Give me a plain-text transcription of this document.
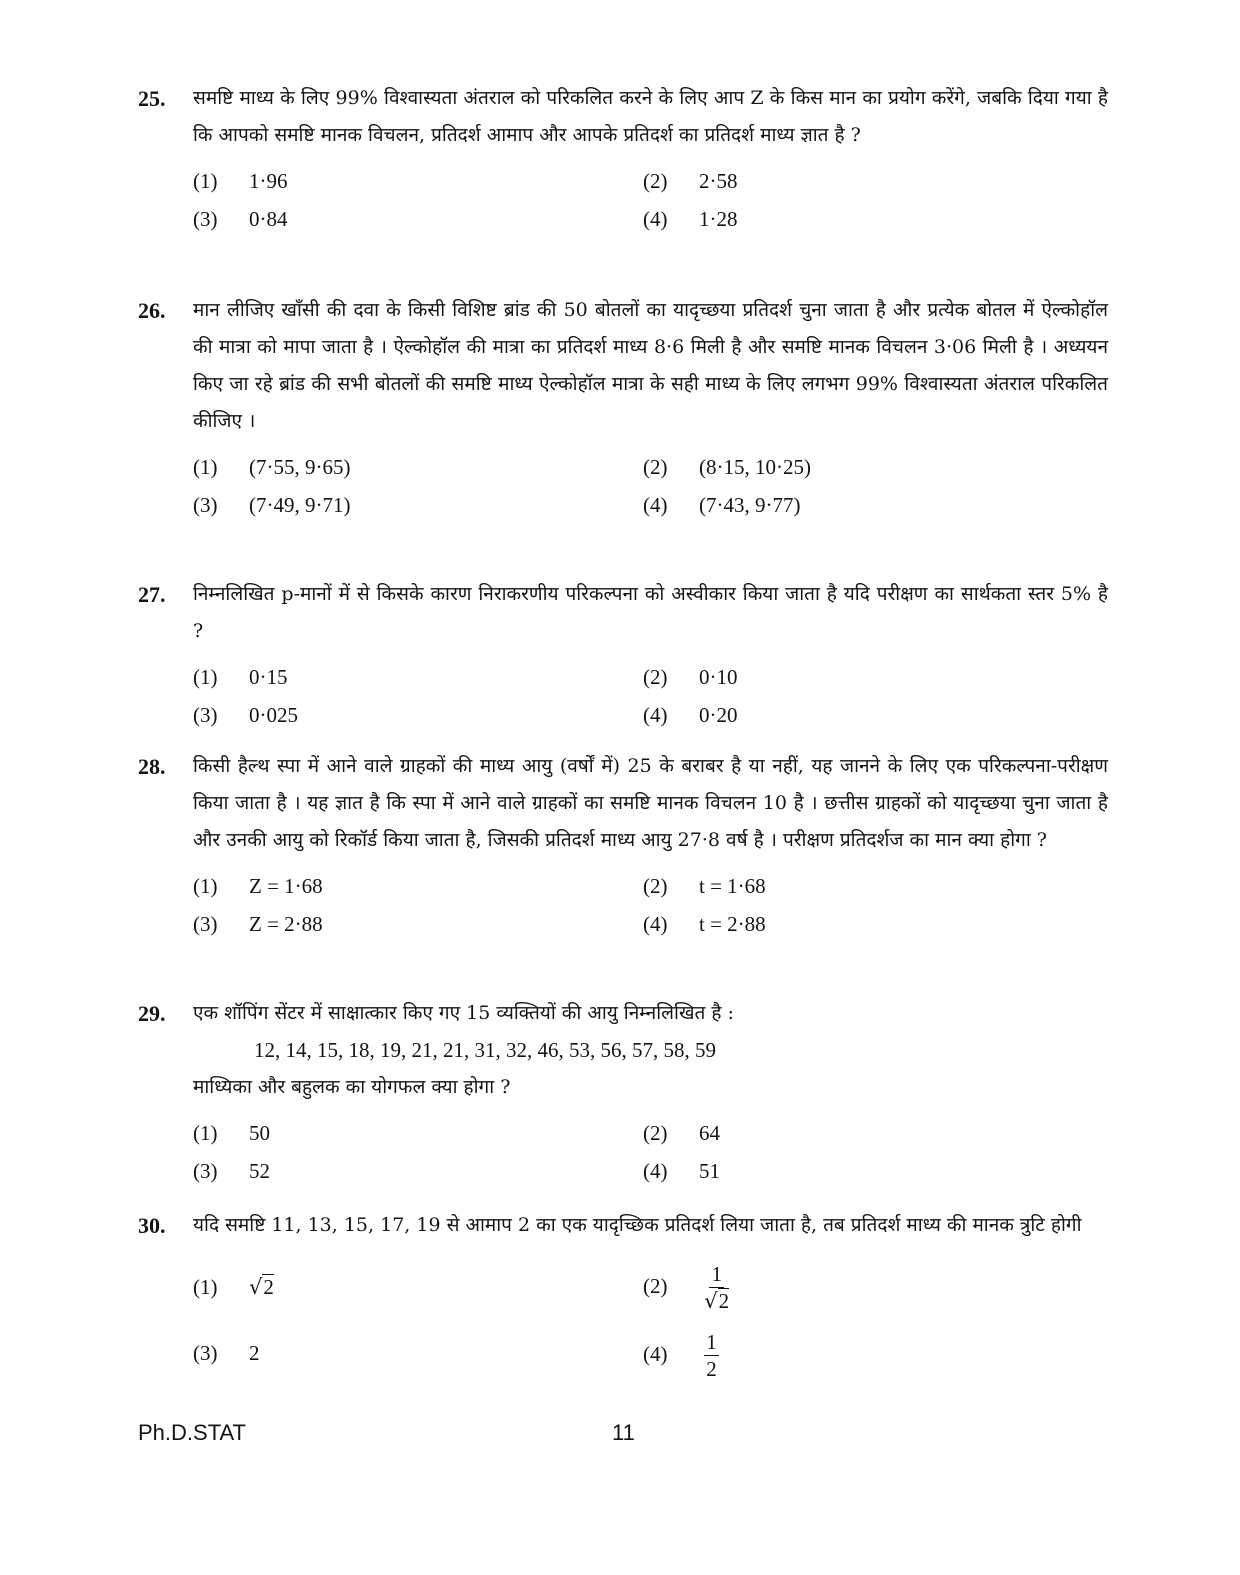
25.	समष्टि माध्य के लिए 99% विश्वास्यता अंतराल को परिकलित करने के लिए आप Z के किस मान का प्रयोग करेंगे, जबकि दिया गया है कि आपको समष्टि मानक विचलन, प्रतिदर्श आमाप और आपके प्रतिदर्श का प्रतिदर्श माध्य ज्ञात है ?
(1) 1·96	(2) 2·58
(3) 0·84	(4) 1·28
26.	मान लीजिए खाँसी की दवा के किसी विशिष्ट ब्रांड की 50 बोतलों का यादृच्छया प्रतिदर्श चुना जाता है और प्रत्येक बोतल में ऐल्कोहॉल की मात्रा को मापा जाता है । ऐल्कोहॉल की मात्रा का प्रतिदर्श माध्य 8·6 मिली है और समष्टि मानक विचलन 3·06 मिली है । अध्ययन किए जा रहे ब्रांड की सभी बोतलों की समष्टि माध्य ऐल्कोहॉल मात्रा के सही माध्य के लिए लगभग 99% विश्वास्यता अंतराल परिकलित कीजिए ।
(1) (7·55, 9·65)	(2) (8·15, 10·25)
(3) (7·49, 9·71)	(4) (7·43, 9·77)
27.	निम्नलिखित p-मानों में से किसके कारण निराकरणीय परिकल्पना को अस्वीकार किया जाता है यदि परीक्षण का सार्थकता स्तर 5% है ?
(1) 0·15	(2) 0·10
(3) 0·025	(4) 0·20
28.	किसी हैल्थ स्पा में आने वाले ग्राहकों की माध्य आयु (वर्षों में) 25 के बराबर है या नहीं, यह जानने के लिए एक परिकल्पना-परीक्षण किया जाता है । यह ज्ञात है कि स्पा में आने वाले ग्राहकों का समष्टि मानक विचलन 10 है । छत्तीस ग्राहकों को यादृच्छया चुना जाता है और उनकी आयु को रिकॉर्ड किया जाता है, जिसकी प्रतिदर्श माध्य आयु 27·8 वर्ष है । परीक्षण प्रतिदर्शज का मान क्या होगा ?
(1) Z = 1·68	(2) t = 1·68
(3) Z = 2·88	(4) t = 2·88
29.	एक शॉपिंग सेंटर में साक्षात्कार किए गए 15 व्यक्तियों की आयु निम्नलिखित है :
12, 14, 15, 18, 19, 21, 21, 31, 32, 46, 53, 56, 57, 58, 59
माध्यिका और बहुलक का योगफल क्या होगा ?
(1) 50	(2) 64
(3) 52	(4) 51
30.	यदि समष्टि 11, 13, 15, 17, 19 से आमाप 2 का एक यादृच्छिक प्रतिदर्श लिया जाता है, तब प्रतिदर्श माध्य की मानक त्रुटि होगी
(1) √2	$(2) \frac{1}{√2}$
(3) 2	$(4) \frac{1}{2}$
Ph.D.STAT	11
